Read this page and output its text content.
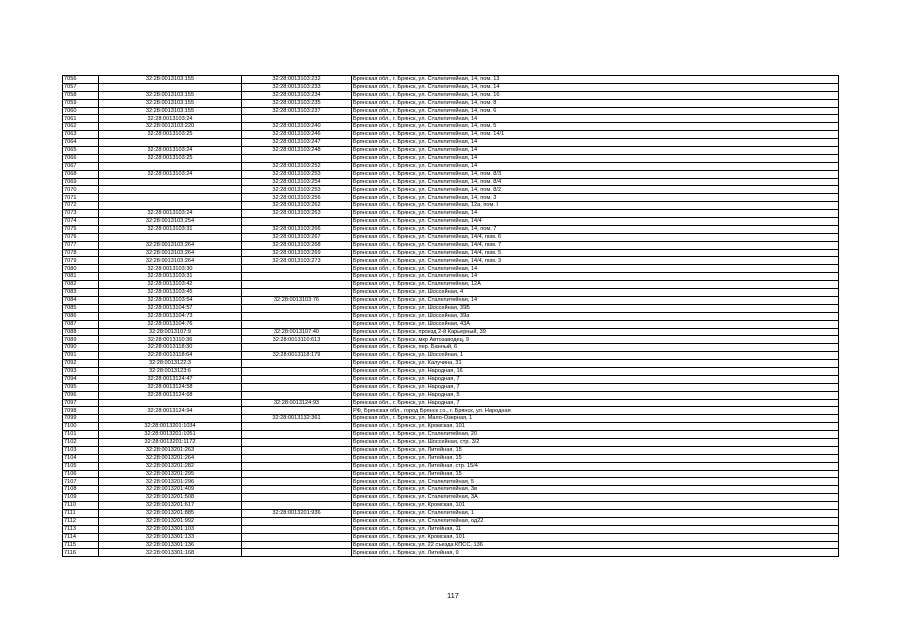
7056	32:28:0013103:155	32:28:0013103:232	Брянская обл., г. Брянск, ул. Сталелитейная, 14, пом. 13
7057		32:28:0013103:233	Брянская обл., г. Брянск, ул. Сталелитейная, 14, пом. 14
7058	32:28:0013103:155	32:28:0013103:234	Брянская обл., г. Брянск, ул. Сталелитейная, 14, пом. 16
7059	32:28:0013103:155	32:28:0013103:235	Брянская обл., г. Брянск, ул. Сталелитейная, 14, пом. 8
7060	32:28:0013103:155	32:28:0013103:237	Брянская обл., г. Брянск, ул. Сталелитейная, 14, пом. 6
7061	32:28:0013103:24		Брянская обл., г. Брянск, ул. Сталелитейная, 14
7062	32:28:0013103:220	32:28:0013103:240	Брянская обл., г. Брянск, ул. Сталелитейная, 14, пом. 5
7063	32:28:0013103:25	32:28:0013103:246	Брянская обл., г. Брянск, ул. Сталелитейная, 14, пом. 14/1
7064		32:28:0013103:247	Брянская обл., г. Брянск, ул. Сталелитейная, 14
7065	32:28:0013103:24	32:28:0013103:248	Брянская обл., г. Брянск, ул. Сталелитейная, 14
7066	32:28:0013103:25		Брянская обл., г. Брянск, ул. Сталелитейная, 14
7067		32:28:0013103:252	Брянская обл., г. Брянск, ул. Сталелитейная, 14
7068	32:28:0013103:24	32:28:0013103:253	Брянская обл., г. Брянск, ул. Сталелитейная, 14, пом. 8/3
7069		32:28:0013103:254	Брянская обл., г. Брянск, ул. Сталелитейная, 14, пом. 8/4
7070		32:28:0013103:253	Брянская обл., г. Брянск, ул. Сталелитейная, 14, пом. 8/2
7071		32:28:0013103:256	Брянская обл., г. Брянск, ул. Сталелитейная, 14, пом. 3
7072		32:28:0013103:262	Брянская обл., г. Брянск, ул. Сталелитейная, 12а, пом. I
7073	32:28:0013103:24	32:28:0013103:263	Брянская обл., г. Брянск, ул. Сталелитейная, 14
7074	32:28:0013103:254		Брянская обл., г. Брянск, ул. Сталелитейная, 14/4
7075	32:28:0013103:31	32:28:0013103:266	Брянская обл., г. Брянск, ул. Сталелитейная, 14, пом. 7
7076		32:28:0013103:267	Брянская обл., г. Брянск, ул. Сталелитейная, 14/4, пом. 6
7077	32:28:0013103:264	32:28:0013103:268	Брянская обл., г. Брянск, ул. Сталелитейная, 14/4, пом. 7
7078	32:28:0013103:264	32:28:0013103:269	Брянская обл., г. Брянск, ул. Сталелитейная, 14/4, пом. 5
7079	32:28:0013103:264	32:28:0013103:273	Брянская обл., г. Брянск, ул. Сталелитейная, 14/4, пом. 3
7080	32:28:0013103:30		Брянская обл., г. Брянск, ул. Сталелитейная, 14
7081	32:28:0013103:31		Брянская обл., г. Брянск, ул. Сталелитейная, 14
7082	32:28:0013103:42		Брянская обл., г. Брянск, ул. Сталелитейная, 12А
7083	32:28:0013103:45		Брянская обл., г. Брянск, ул. Шоссейная, 4
7084	32:28:0013103:54	32:28:0013103:76	Брянская обл., г. Брянск, ул. Сталелитейная, 14
7085	32:28:0013104:57		Брянская обл., г. Брянск, ул. Шоссейная, 39Б
7086	32:28:0013104:73		Брянская обл., г. Брянск, ул. Шоссейная, 39а
7087	32:28:0013104:76		Брянская обл., г. Брянск, ул. Шоссейная, 43А
7088	32:28:0013107:9	32:28:0013107:40	Брянская обл., г. Брянск, проезд 2-й Карьерный, 39
7089	32:28:0013110:36	32:28:0013110:613	Брянская обл., г. Брянск, мкр Автозаводец, 9
7090	32:28:0013118:30		Брянская обл., г. Брянск, пер. Банный, 6
7091	32:28:0013118:64	32:28:0013118:179	Брянская обл., г. Брянск, ул. Шоссейная, 1
7092	32:28:0013122:3		Брянская обл., г. Брянск, ул. Калучина, 31
7093	32:28:0013123:6		Брянская обл., г. Брянск, ул. Народная, 16
7094	32:28:0013124:47		Брянская обл., г. Брянск, ул. Народная, 7
7095	32:28:0013124:58		Брянская обл., г. Брянск, ул. Народная, 7
7096	32:28:0013124:68		Брянская обл., г. Брянск, ул. Народная, 5
7097		32:28:0013124:93	Брянская обл., г. Брянск, ул. Народная, 7
7098	32:28:0013124:94		РФ, Брянская обл., город Брянск г.о., г. Брянск, ул. Народная
7099		32:28:0013132:361	Брянская обл., г. Брянск, ул. Мало-Озерная, 1
7100	32:28:0013201:1034		Брянская обл., г. Брянск, ул. Кромская, 101
7101	32:28:0013201:1051		Брянская обл., г. Брянск, ул. Сталелитейная, 20
7102	32:28:0013201:1172		Брянская обл., г. Брянск, ул. Шоссейная, стр. 3/2
7103	32:28:0013201:263		Брянская обл., г. Брянск, ул. Литейная, 15
7104	32:28:0013201:264		Брянская обл., г. Брянск, ул. Литейная, 15
7105	32:28:0013201:282		Брянская обл., г. Брянск, ул. Литейная, стр. 15/4
7106	32:28:0013201:295		Брянская обл., г. Брянск, ул. Литейная, 15
7107	32:28:0013201:296		Брянская обл., г. Брянск, ул. Сталелитейная, 5
7108	32:28:0013201:409		Брянская обл., г. Брянск, ул. Сталелитейная, 3в
7109	32:28:0013201:508		Брянская обл., г. Брянск, ул. Сталелитейная, 3А
7110	32:28:0013201:617		Брянская обл., г. Брянск, ул. Кромская, 101
7111	32:28:0013201:885	32:28:0013201:936	Брянская обл., г. Брянск, ул. Сталелитейная, 1
7112	32:28:0013201:992		Брянская обл., г. Брянск, ул. Сталелитейная, од22
7113	32:28:0013301:103		Брянская обл., г. Брянск, ул. Литейная, 11
7114	32:28:0013301:133		Брянская обл., г. Брянск, ул. Кромская, 101
7115	32:28:0013301:136		Брянская обл., г. Брянск, ул. 22 съезда КПСС, 136
7116	32:28:0013301:168		Брянская обл., г. Брянск, ул. Литейная, 9
117
